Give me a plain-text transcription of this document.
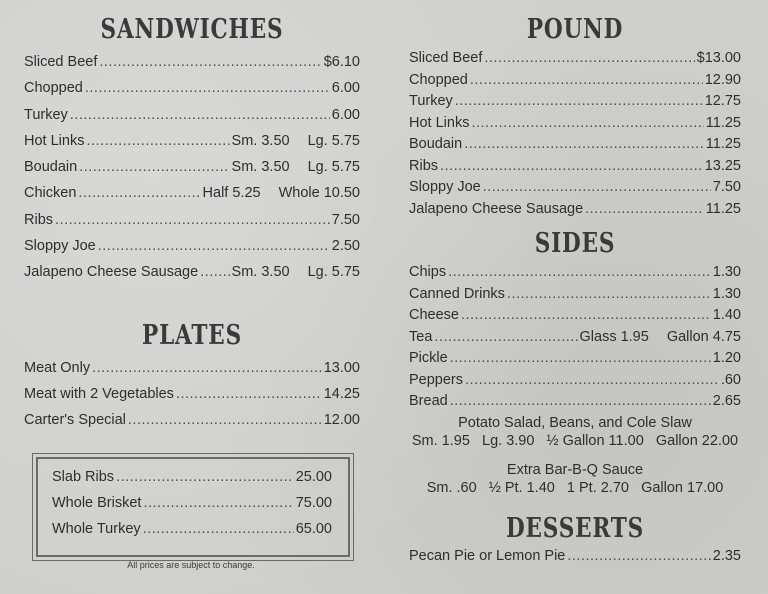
SANDWICHES
Sliced Beef .....	$6.10
Chopped .....	6.00
Turkey .....	6.00
Hot Links .....	Sm. 3.50 Lg. 5.75
Boudain .....	Sm. 3.50 Lg. 5.75
Chicken .....	Half 5.25 Whole 10.50
Ribs .....	7.50
Sloppy Joe .....	2.50
Jalapeno Cheese Sausage ..... Sm. 3.50 Lg. 5.75
PLATES
Meat Only .....	13.00
Meat with 2 Vegetables .....	14.25
Carter's Special .....	12.00
Slab Ribs .....	25.00
Whole Brisket .....	75.00
Whole Turkey .....	65.00
All prices are subject to change.
POUND
Sliced Beef .....	$13.00
Chopped .....	12.90
Turkey .....	12.75
Hot Links .....	11.25
Boudain .....	11.25
Ribs .....	13.25
Sloppy Joe .....	7.50
Jalapeno Cheese Sausage .....	11.25
SIDES
Chips .....	1.30
Canned Drinks .....	1.30
Cheese .....	1.40
Tea .....	Glass 1.95 Gallon 4.75
Pickle .....	1.20
Peppers .....	.60
Bread .....	2.65
Potato Salad, Beans, and Cole Slaw
Sm. 1.95   Lg. 3.90   ½ Gallon 11.00   Gallon 22.00
Extra Bar-B-Q Sauce
Sm. .60   ½ Pt. 1.40   1 Pt. 2.70   Gallon 17.00
DESSERTS
Pecan Pie or Lemon Pie .....	2.35
